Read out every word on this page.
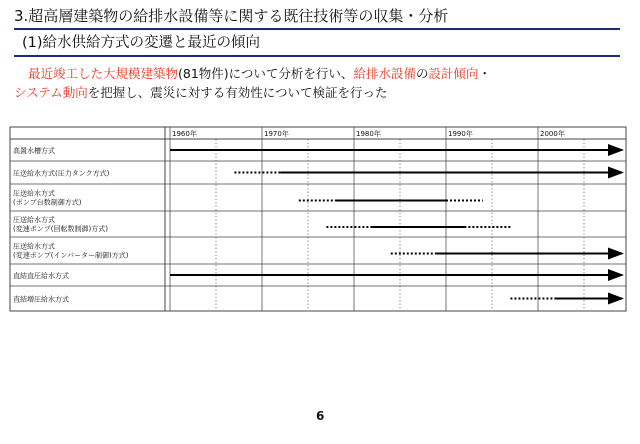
3.超高層建築物の給排水設備等に関する既往技術等の収集・分析
(1)給水供給方式の変遷と最近の傾向
最近竣工した大規模建築物(81物件)について分析を行い、給排水設備の設計傾向・
システム動向を把握し、震災に対する有効性について検証を行った
1960年	1970年	1980年	1990年	2000年
高置水槽方式
圧送給水方式(圧力タンク方式)
圧送給水方式
(ポンプ台数制御方式)
圧送給水方式
(変速ポンプ(回転数制御)方式)
圧送給水方式
(変速ポンプ(インバーター制御)方式)
直結直圧給水方式
直結増圧給水方式
6
